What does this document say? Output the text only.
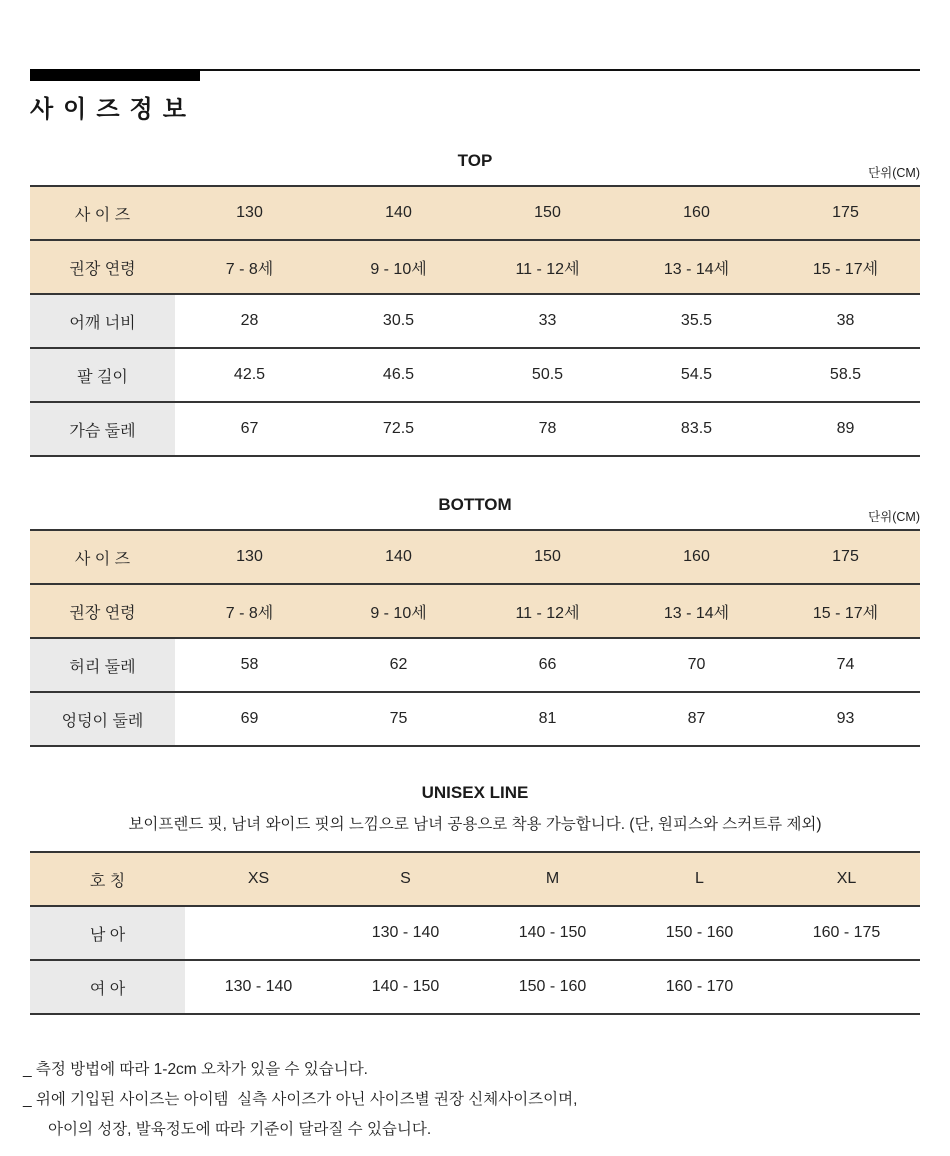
사이즈정보
TOP
단위(CM)
사 이 즈	130	140	150	160	175
권장 연령	7 - 8세	9 - 10세	11 - 12세	13 - 14세	15 - 17세
어깨 너비	28	30.5	33	35.5	38
팔 길이	42.5	46.5	50.5	54.5	58.5
가슴 둘레	67	72.5	78	83.5	89
BOTTOM
단위(CM)
사 이 즈	130	140	150	160	175
권장 연령	7 - 8세	9 - 10세	11 - 12세	13 - 14세	15 - 17세
허리 둘레	58	62	66	70	74
엉덩이 둘레	69	75	81	87	93
UNISEX LINE

보이프렌드 핏, 남녀 와이드 핏의 느낌으로 남녀 공용으로 착용 가능합니다. (단, 원피스와 스커트류 제외)

호 칭	XS	S	M	L	XL
남 아		130 - 140	140 - 150	150 - 160	160 - 175
여 아	130 - 140	140 - 150	150 - 160	160 - 170	
_ 측정 방법에 따라 1-2cm 오차가 있을 수 있습니다.
_ 위에 기입된 사이즈는 아이템  실측 사이즈가 아닌 사이즈별 권장 신체사이즈이며,
아이의 성장, 발육정도에 따라 기준이 달라질 수 있습니다.
